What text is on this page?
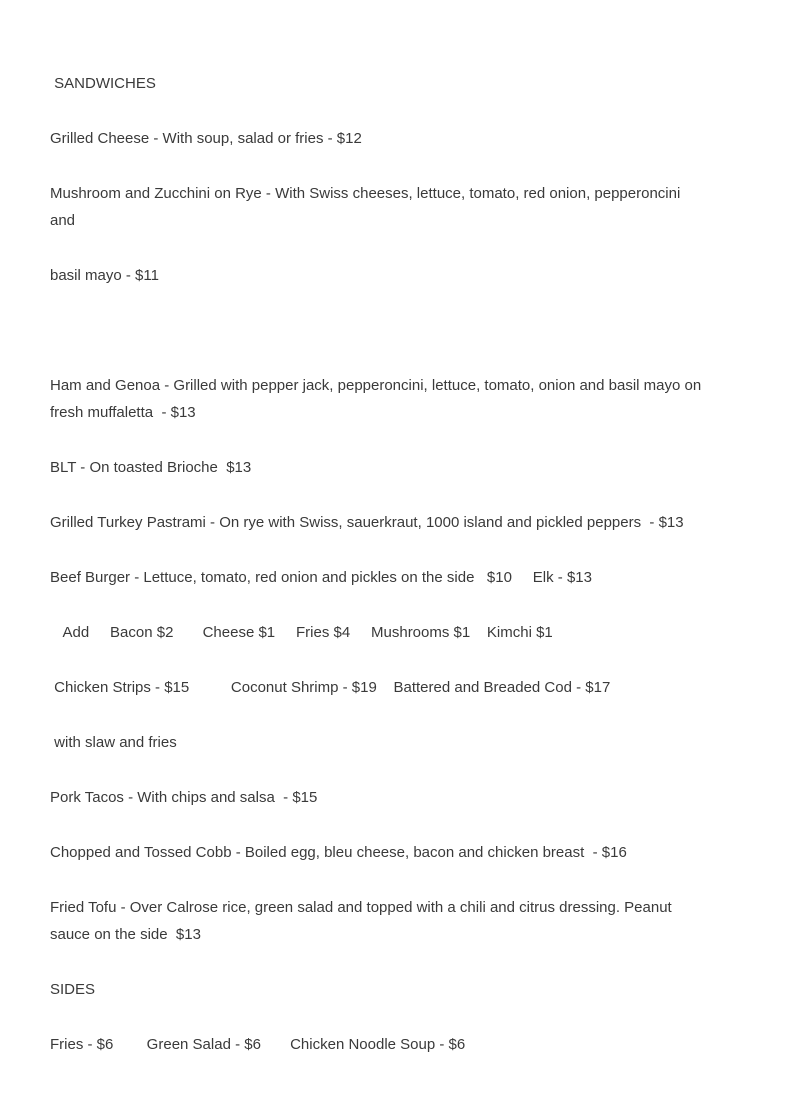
SANDWICHES
Grilled Cheese - With soup, salad or fries - $12
Mushroom and Zucchini on Rye - With Swiss cheeses, lettuce, tomato, red onion, pepperoncini
and
basil mayo - $11
Ham and Genoa - Grilled with pepper jack, pepperoncini, lettuce, tomato, onion and basil mayo on
fresh muffaletta  - $13
BLT - On toasted Brioche  $13
Grilled Turkey Pastrami - On rye with Swiss, sauerkraut, 1000 island and pickled peppers  - $13
Beef Burger - Lettuce, tomato, red onion and pickles on the side   $10     Elk - $13
Add     Bacon $2       Cheese $1     Fries $4     Mushrooms $1    Kimchi $1
Chicken Strips - $15          Coconut Shrimp - $19    Battered and Breaded Cod - $17
with slaw and fries
Pork Tacos - With chips and salsa  - $15
Chopped and Tossed Cobb - Boiled egg, bleu cheese, bacon and chicken breast  - $16
Fried Tofu - Over Calrose rice, green salad and topped with a chili and citrus dressing. Peanut
sauce on the side  $13
SIDES
Fries - $6        Green Salad - $6       Chicken Noodle Soup - $6
